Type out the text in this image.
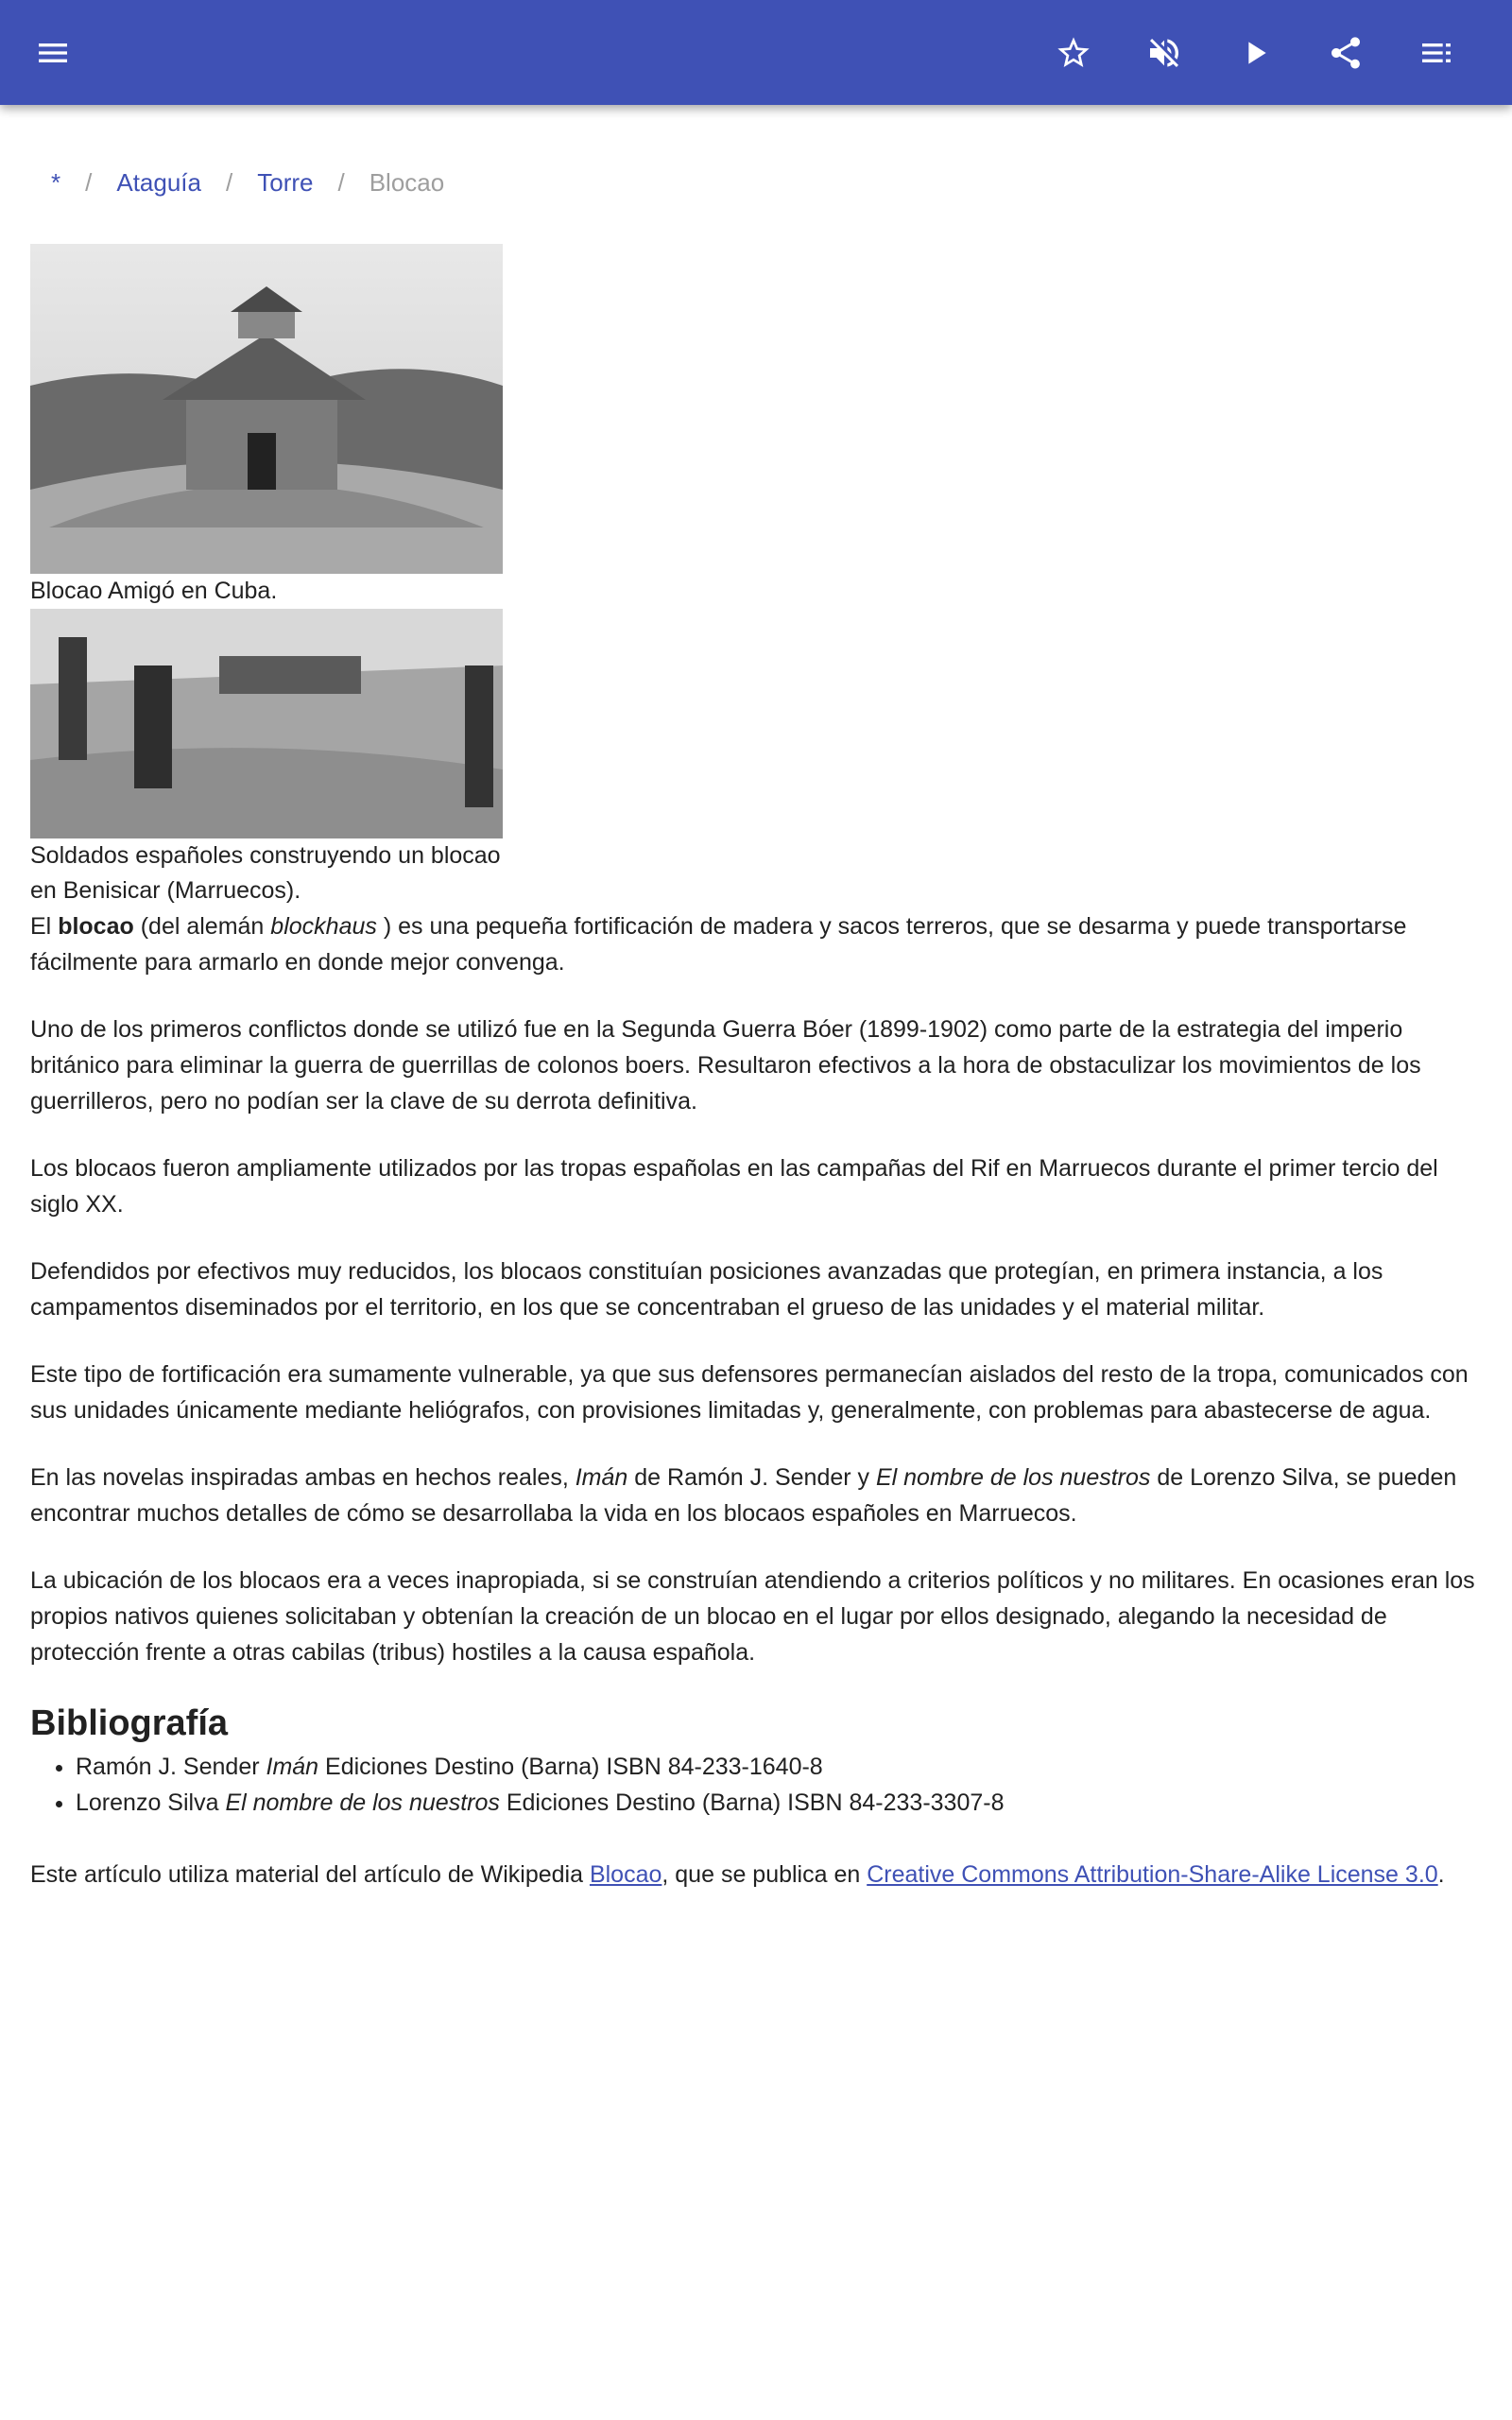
* / Ataguía / Torre / Blocao
Blocao Amigó en Cuba.
Soldados españoles construyendo un blocao en Benisicar (Marruecos).

El blocao (del alemán blockhaus ) es una pequeña fortificación de madera y sacos terreros, que se desarma y puede transportarse fácilmente para armarlo en donde mejor convenga.

Uno de los primeros conflictos donde se utilizó fue en la Segunda Guerra Bóer (1899-1902) como parte de la estrategia del imperio británico para eliminar la guerra de guerrillas de colonos boers. Resultaron efectivos a la hora de obstaculizar los movimientos de los guerrilleros, pero no podían ser la clave de su derrota definitiva.

Los blocaos fueron ampliamente utilizados por las tropas españolas en las campañas del Rif en Marruecos durante el primer tercio del siglo XX.

Defendidos por efectivos muy reducidos, los blocaos constituían posiciones avanzadas que protegían, en primera instancia, a los campamentos diseminados por el territorio, en los que se concentraban el grueso de las unidades y el material militar.

Este tipo de fortificación era sumamente vulnerable, ya que sus defensores permanecían aislados del resto de la tropa, comunicados con sus unidades únicamente mediante heliógrafos, con provisiones limitadas y, generalmente, con problemas para abastecerse de agua.

En las novelas inspiradas ambas en hechos reales, Imán de Ramón J. Sender y El nombre de los nuestros de Lorenzo Silva, se pueden encontrar muchos detalles de cómo se desarrollaba la vida en los blocaos españoles en Marruecos.

La ubicación de los blocaos era a veces inapropiada, si se construían atendiendo a criterios políticos y no militares. En ocasiones eran los propios nativos quienes solicitaban y obtenían la creación de un blocao en el lugar por ellos designado, alegando la necesidad de protección frente a otras cabilas (tribus) hostiles a la causa española.

Bibliografía
• Ramón J. Sender Imán Ediciones Destino (Barna) ISBN 84-233-1640-8
• Lorenzo Silva El nombre de los nuestros Ediciones Destino (Barna) ISBN 84-233-3307-8

Este artículo utiliza material del artículo de Wikipedia Blocao, que se publica en Creative Commons Attribution-Share-Alike License 3.0.
